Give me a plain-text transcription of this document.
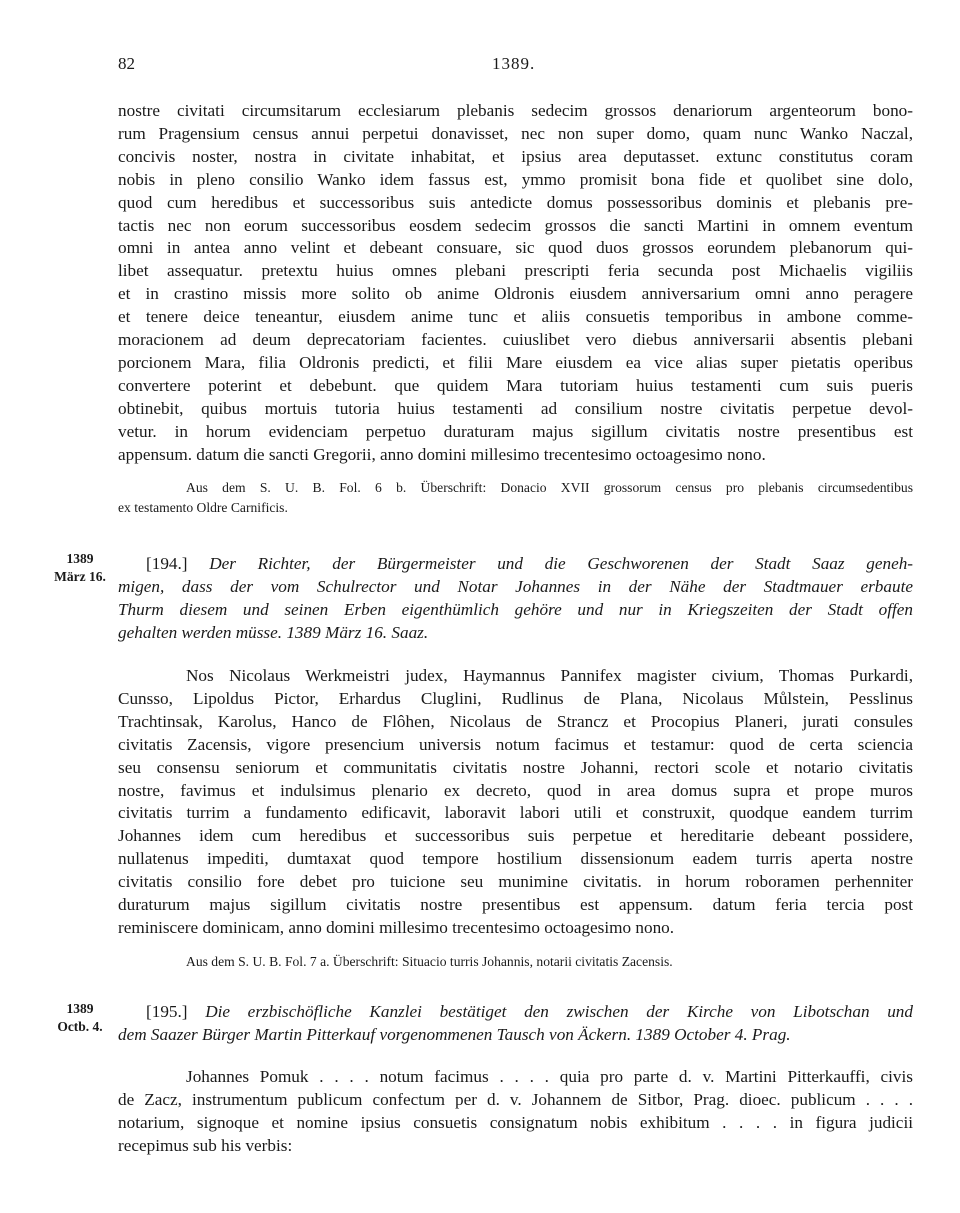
82	1389.
nostre civitati circumsitarum ecclesiarum plebanis sedecim grossos denariorum argenteorum bono-
rum Pragensium census annui perpetui donavisset, nec non super domo, quam nunc Wanko Naczal,
concivis noster, nostra in civitate inhabitat, et ipsius area deputasset. extunc constitutus coram
nobis in pleno consilio Wanko idem fassus est, ymmo promisit bona fide et quolibet sine dolo,
quod cum heredibus et successoribus suis antedicte domus possessoribus dominis et plebanis pre-
tactis nec non eorum successoribus eosdem sedecim grossos die sancti Martini in omnem eventum
omni in antea anno velint et debeant consuare, sic quod duos grossos eorundem plebanorum qui-
libet assequatur. pretextu huius omnes plebani prescripti feria secunda post Michaelis vigiliis
et in crastino missis more solito ob anime Oldronis eiusdem anniversarium omni anno peragere
et tenere deice teneantur, eiusdem anime tunc et aliis consuetis temporibus in ambone comme-
moracionem ad deum deprecatoriam facientes. cuiuslibet vero diebus anniversarii absentis plebani
porcionem Mara, filia Oldronis predicti, et filii Mare eiusdem ea vice alias super pietatis operibus
convertere poterint et debebunt. que quidem Mara tutoriam huius testamenti cum suis pueris
obtinebit, quibus mortuis tutoria huius testamenti ad consilium nostre civitatis perpetue devol-
vetur. in horum evidenciam perpetuo duraturam majus sigillum civitatis nostre presentibus est
appensum. datum die sancti Gregorii, anno domini millesimo trecentesimo octoagesimo nono.
Aus dem S. U. B. Fol. 6 b. Überschrift: Donacio XVII grossorum census pro plebanis circumsedentibus
ex testamento Oldre Carnificis.
1389
März 16.
[194.] Der Richter, der Bürgermeister und die Geschworenen der Stadt Saaz geneh-
migen, dass der vom Schulrector und Notar Johannes in der Nähe der Stadtmauer erbaute
Thurm diesem und seinen Erben eigenthümlich gehöre und nur in Kriegszeiten der Stadt offen
gehalten werden müsse. 1389 März 16. Saaz.
Nos Nicolaus Werkmeistri judex, Haymannus Pannifex magister civium, Thomas Purkardi,
Cunsso, Lipoldus Pictor, Erhardus Cluglini, Rudlinus de Plana, Nicolaus Můlstein, Pesslinus
Trachtinsak, Karolus, Hanco de Flôhen, Nicolaus de Strancz et Procopius Planeri, jurati consules
civitatis Zacensis, vigore presencium universis notum facimus et testamur: quod de certa sciencia
seu consensu seniorum et communitatis civitatis nostre Johanni, rectori scole et notario civitatis
nostre, favimus et indulsimus plenario ex decreto, quod in area domus supra et prope muros
civitatis turrim a fundamento edificavit, laboravit labori utili et construxit, quodque eandem turrim
Johannes idem cum heredibus et successoribus suis perpetue et hereditarie debeant possidere,
nullatenus impediti, dumtaxat quod tempore hostilium dissensionum eadem turris aperta nostre
civitatis consilio fore debet pro tuicione seu munimine civitatis. in horum roboramen perhenniter
duraturum majus sigillum civitatis nostre presentibus est appensum. datum feria tercia post
reminiscere dominicam, anno domini millesimo trecentesimo octoagesimo nono.
Aus dem S. U. B. Fol. 7 a. Überschrift: Situacio turris Johannis, notarii civitatis Zacensis.
1389
Octb. 4.
[195.] Die erzbischöfliche Kanzlei bestätiget den zwischen der Kirche von Libotschan und
dem Saazer Bürger Martin Pitterkauf vorgenommenen Tausch von Äckern. 1389 October 4. Prag.
Johannes Pomuk . . . . notum facimus . . . . quia pro parte d. v. Martini Pitterkauffi, civis
de Zacz, instrumentum publicum confectum per d. v. Johannem de Sitbor, Prag. dioec. publicum . . . .
notarium, signoque et nomine ipsius consuetis consignatum nobis exhibitum . . . . in figura judicii
recepimus sub his verbis:
